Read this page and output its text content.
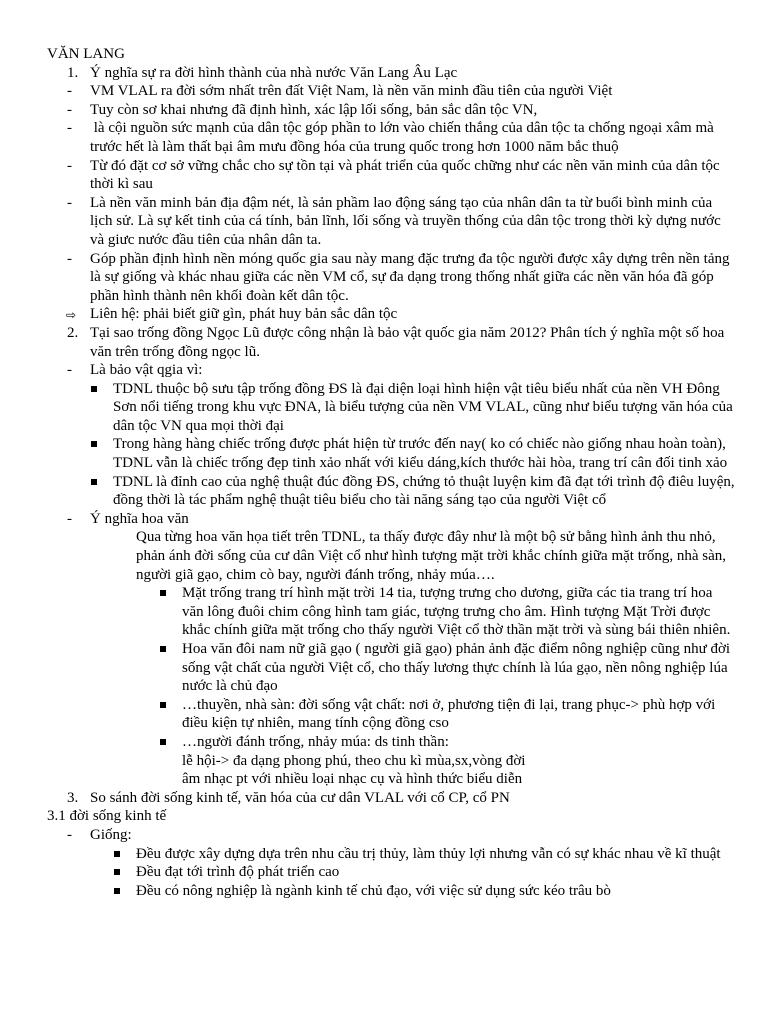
VĂN LANG
1. Ý nghĩa sự ra đời hình thành của nhà nước Văn Lang Âu Lạc
- VM VLAL ra đời sớm nhất trên đất Việt Nam, là nền văn minh đầu tiên của người Việt
- Tuy còn sơ khai nhưng đã định hình, xác lập lối sống, bản sắc dân tộc VN,
- là cội nguồn sức mạnh của dân tộc góp phần to lớn vào chiến thắng của dân tộc ta chống ngoại xâm mà trước hết là làm thất bại âm mưu đồng hóa của trung quốc trong hơn 1000 năm bắc thuộ
- Từ đó đặt cơ sở vững chắc cho sự tồn tại và phát triển của quốc chững như các nền văn minh của dân tộc thời kì sau
- Là nền văn minh bản địa đậm nét, là sản phầm lao động sáng tạo của nhân dân ta từ buổi bình minh của lịch sử. Là sự kết tinh của cá tính, bản lĩnh, lối sống và truyền thống của dân tộc trong thời kỳ dựng nước và giưc nước đầu tiên của nhân dân ta.
- Góp phần định hình nền móng quốc gia sau này mang đặc trưng đa tộc người được xây dựng trên nền tảng là sự giống và khác nhau giữa các nền VM cổ, sự đa dạng trong thống nhất giữa các nền văn hóa đã góp phần hình thành nên khối đoàn kết dân tộc.
⇨ Liên hệ: phải biết giữ gìn, phát huy bản sắc dân tộc
2. Tại sao trống đồng Ngọc Lũ được công nhận là bảo vật quốc gia năm 2012? Phân tích ý nghĩa một số hoa văn trên trống đồng ngọc lũ.
- Là bảo vật qgia vì:
TDNL thuộc bộ sưu tập trống đồng ĐS là đại diện loại hình hiện vật tiêu biểu nhất của nền VH Đông Sơn nổi tiếng trong khu vực ĐNA, là biểu tượng của nền VM VLAL, cũng như biểu tượng văn hóa của dân tộc VN qua mọi thời đại
Trong hàng hàng chiếc trống được phát hiện từ trước đến nay( ko có chiếc nào giống nhau hoàn toàn), TDNL vẫn là chiếc trống đẹp tinh xảo nhất với kiểu dáng,kích thước hài hòa, trang trí cân đối tinh xảo
TDNL là đỉnh cao của nghệ thuật đúc đồng ĐS, chứng tỏ thuật luyện kim đã đạt tới trình độ điêu luyện, đồng thời là tác phẩm nghệ thuật tiêu biểu cho tài năng sáng tạo của người Việt cổ
- Ý nghĩa hoa văn
Qua từng hoa văn họa tiết trên TDNL, ta thấy được đây như là một bộ sử bằng hình ảnh thu nhỏ, phản ánh đời sống của cư dân Việt cổ như hình tượng mặt trời khắc chính giữa mặt trống, nhà sàn, người giã gạo, chim cò bay, người đánh trống, nhảy múa….
Mặt trống trang trí hình mặt trời 14 tia, tượng trưng cho dương, giữa các tia trang trí hoa văn lông đuôi chim công hình tam giác, tượng trưng cho âm. Hình tượng Mặt Trời được khắc chính giữa mặt trống cho thấy người Việt cổ thờ thần mặt trời và sùng bái thiên nhiên.
Hoa văn đôi nam nữ giã gạo ( người giã gạo) phản ảnh đặc điểm nông nghiệp cũng như đời sống vật chất của người Việt cổ, cho thấy lương thực chính là lúa gạo, nền nông nghiệp lúa nước là chủ đạo
…thuyền, nhà sàn: đời sống vật chất: nơi ở, phương tiện đi lại, trang phục-> phù hợp với điều kiện tự nhiên, mang tính cộng đồng cso
…người đánh trống, nhảy múa: ds tinh thần:
lễ hội-> đa dạng phong phú, theo chu kì mùa,sx,vòng đời
âm nhạc pt với nhiều loại nhạc cụ và hình thức biểu diễn
3. So sánh đời sống kinh tế, văn hóa của cư dân VLAL với cổ CP, cổ PN
3.1 đời sống kinh tế
- Giống:
Đều được xây dựng dựa trên nhu cầu trị thủy, làm thủy lợi nhưng vẫn có sự khác nhau về kĩ thuật
Đều đạt tới trình độ phát triển cao
Đều có nông nghiệp là ngành kinh tế chủ đạo, với việc sử dụng sức kéo trâu bò
